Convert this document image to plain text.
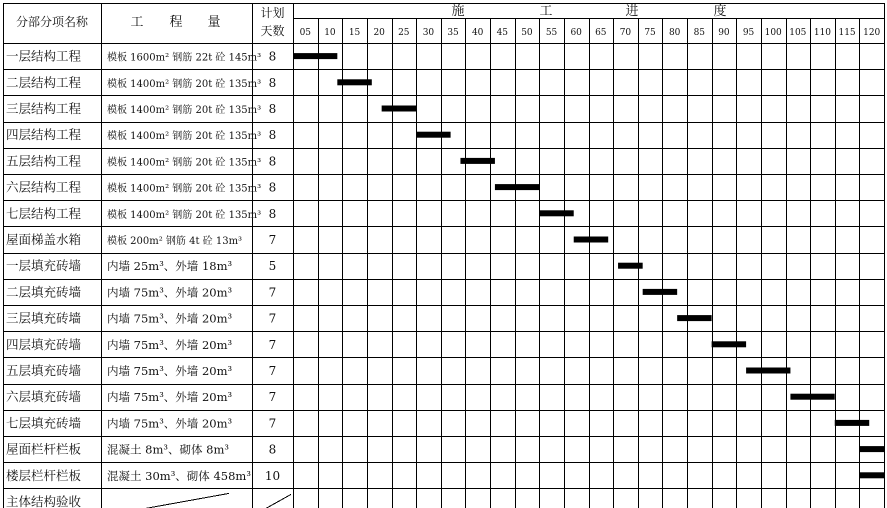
分部分项名称	工 程 量
计划
天数
施	工	进	度
05 10 15 20 25 30 35 40 45 50 55 60 65 70 75 80 85 90 95 100 105 110 115 120
一层结构工程	模板 1600m² 钢筋 22t 砼 145m³ 8
二层结构工程	模板 1400m² 钢筋 20t 砼 135m³ 8
三层结构工程	模板 1400m² 钢筋 20t 砼 135m³ 8
四层结构工程	模板 1400m² 钢筋 20t 砼 135m³ 8
五层结构工程	模板 1400m² 钢筋 20t 砼 135m³ 8
六层结构工程	模板 1400m² 钢筋 20t 砼 135m³ 8
七层结构工程	模板 1400m² 钢筋 20t 砼 135m³ 8
屋面梯盖水箱	模板 200m² 钢筋 4t 砼 13m³ 7
一层填充砖墙 内墙 25m³、外墙 18m³	5
二层填充砖墙 内墙 75m³、外墙 20m³	7
三层填充砖墙 内墙 75m³、外墙 20m³	7
四层填充砖墙 内墙 75m³、外墙 20m³	7
五层填充砖墙 内墙 75m³、外墙 20m³	7
六层填充砖墙 内墙 75m³、外墙 20m³	7
七层填充砖墙 内墙 75m³、外墙 20m³	7
屋面栏杆栏板 混凝土 8m³、砌体 8m³	8
楼层栏杆栏板 混凝土 30m³、砌体 458m³ 10
主体结构验收
